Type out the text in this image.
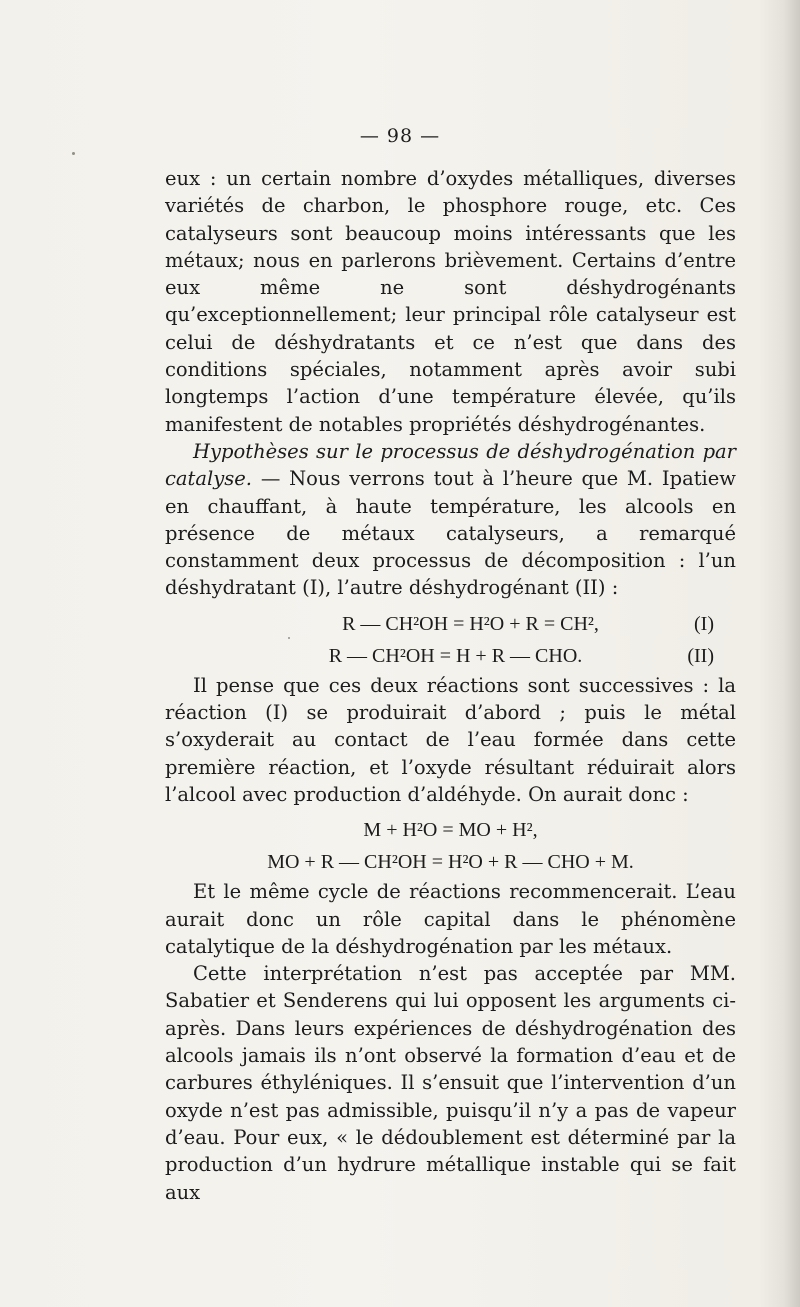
— 98 —

eux : un certain nombre d’oxydes métalliques, diverses variétés de charbon, le phosphore rouge, etc. Ces catalyseurs sont beaucoup moins intéressants que les métaux; nous en parlerons brièvement. Certains d’entre eux même ne sont déshydrogénants qu’exceptionnellement; leur principal rôle catalyseur est celui de déshydratants et ce n’est que dans des conditions spéciales, notamment après avoir subi longtemps l’action d’une température élevée, qu’ils manifestent de notables propriétés déshydrogénantes.

Hypothèses sur le processus de déshydrogénation par catalyse. — Nous verrons tout à l’heure que M. Ipatiew en chauffant, à haute température, les alcools en présence de métaux catalyseurs, a remarqué constamment deux processus de décomposition : l’un déshydratant (I), l’autre déshydrogénant (II) :

R — CH²OH = H²O + R = CH²,	(I)
R — CH²OH = H + R — CHO.	(II)

Il pense que ces deux réactions sont successives : la réaction (I) se produirait d’abord ; puis le métal s’oxyderait au contact de l’eau formée dans cette première réaction, et l’oxyde résultant réduirait alors l’alcool avec production d’aldéhyde. On aurait donc :

M + H²O = MO + H²,
MO + R — CH²OH = H²O + R — CHO + M.

Et le même cycle de réactions recommencerait. L’eau aurait donc un rôle capital dans le phénomène catalytique de la déshydrogénation par les métaux.

Cette interprétation n’est pas acceptée par MM. Sabatier et Senderens qui lui opposent les arguments ci-après. Dans leurs expériences de déshydrogénation des alcools jamais ils n’ont observé la formation d’eau et de carbures éthyléniques. Il s’ensuit que l’intervention d’un oxyde n’est pas admissible, puisqu’il n’y a pas de vapeur d’eau. Pour eux, « le dédoublement est déterminé par la production d’un hydrure métallique instable qui se fait aux
